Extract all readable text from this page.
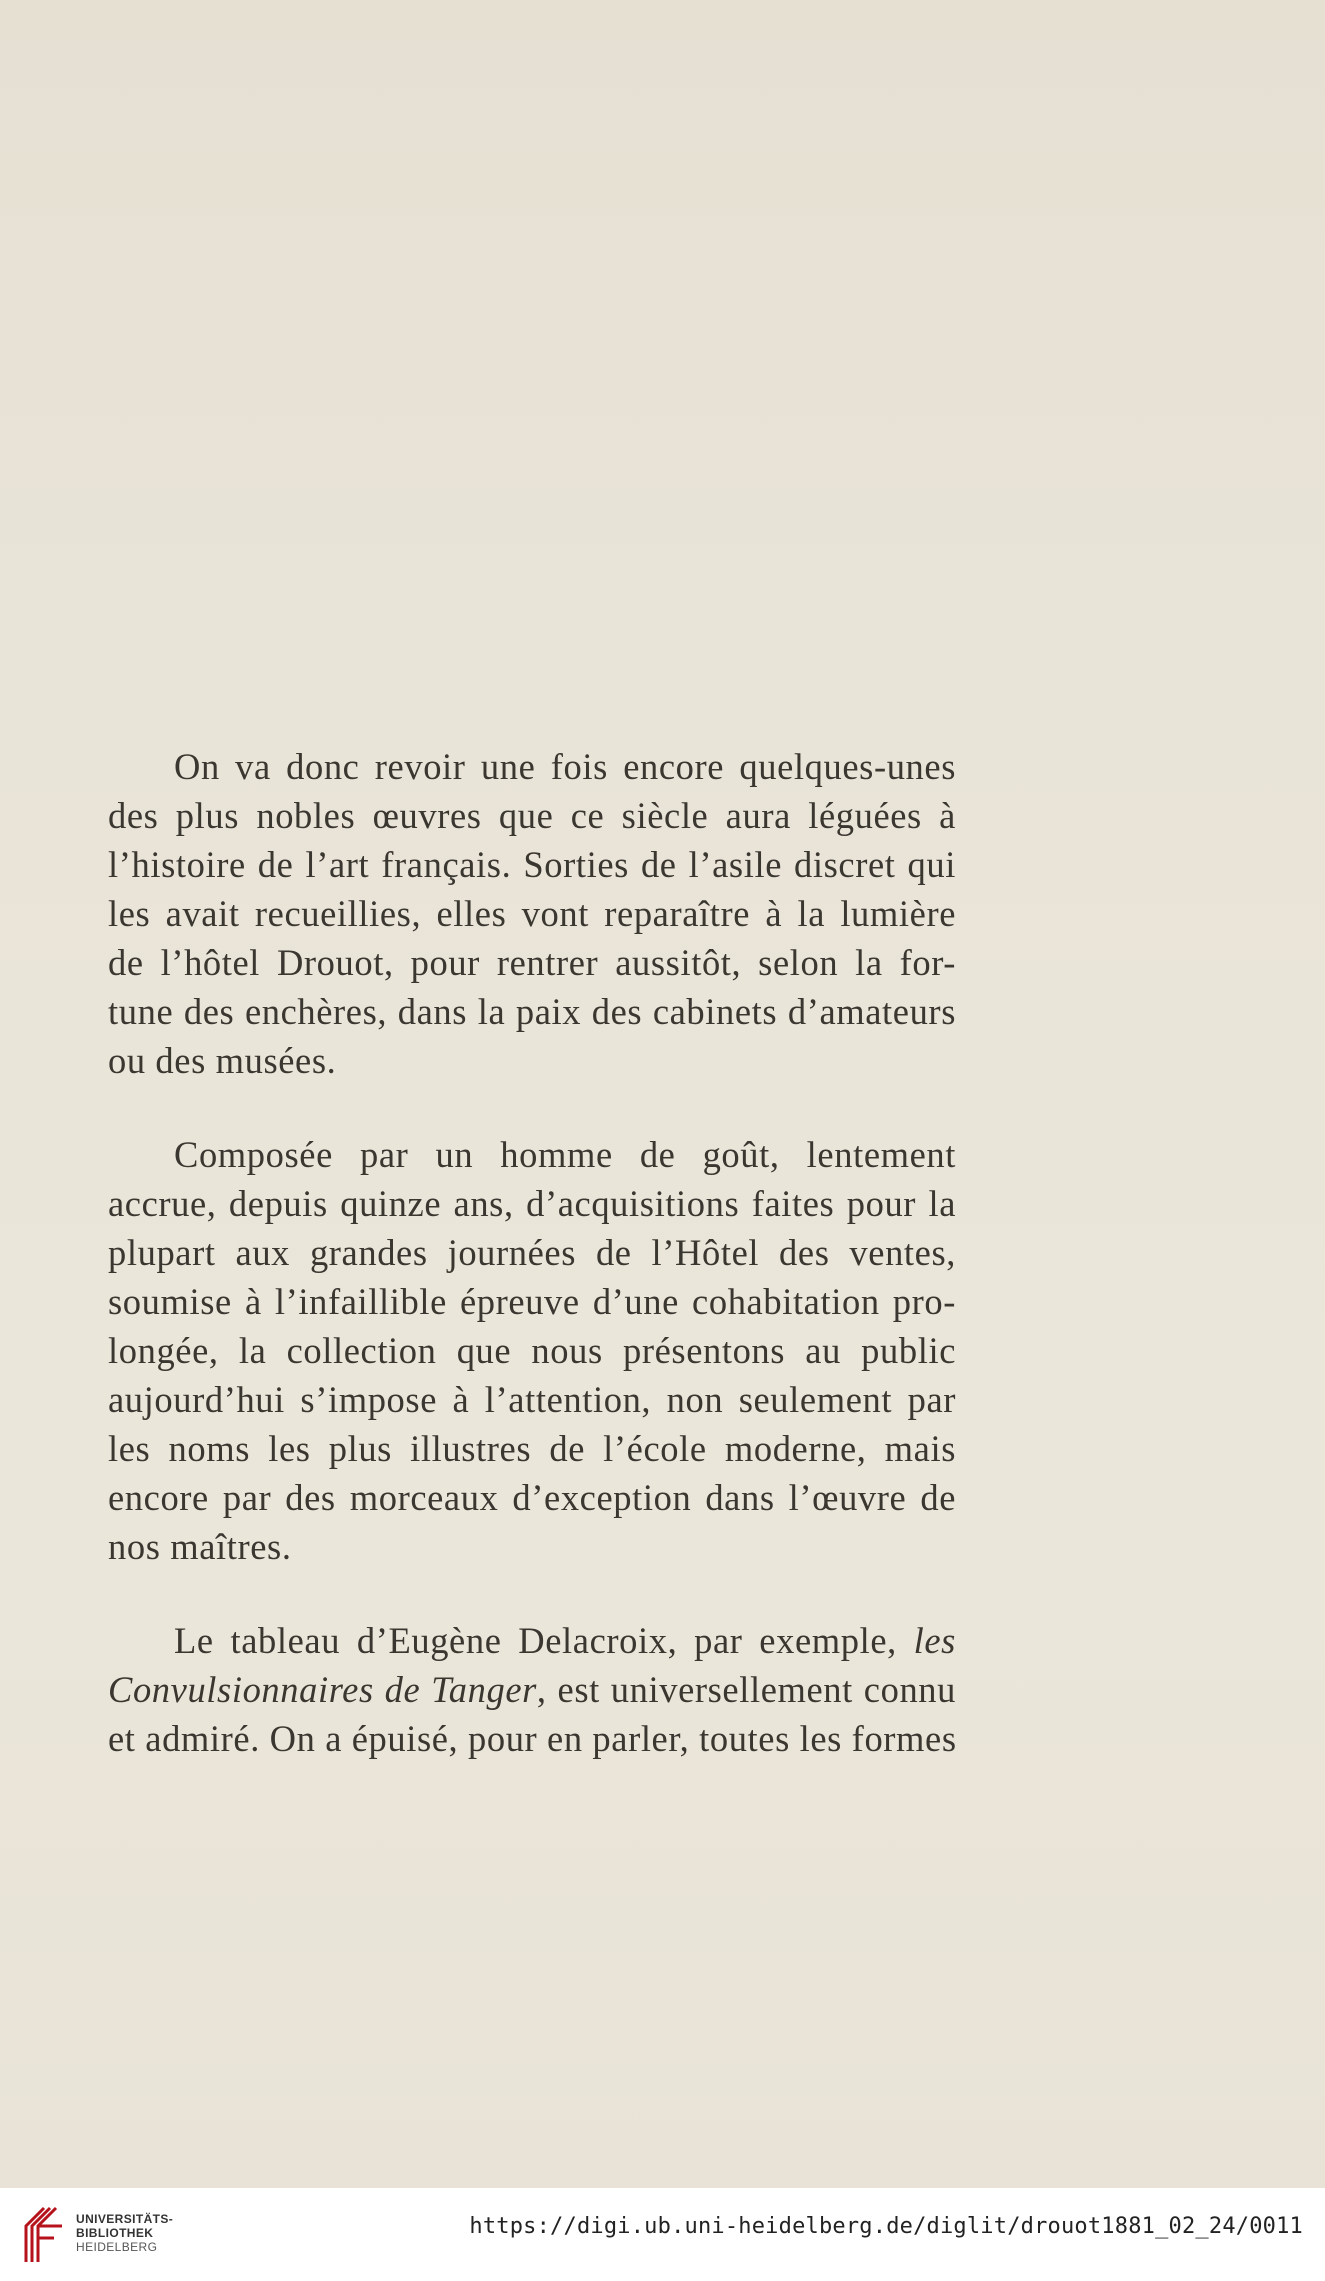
On va donc revoir une fois encore quelques-unes
des plus nobles œuvres que ce siècle aura léguées à
l’histoire de l’art français. Sorties de l’asile discret qui
les avait recueillies, elles vont reparaître à la lumière
de l’hôtel Drouot, pour rentrer aussitôt, selon la for-
tune des enchères, dans la paix des cabinets d’amateurs
ou des musées.
Composée par un homme de goût, lentement
accrue, depuis quinze ans, d’acquisitions faites pour la
plupart aux grandes journées de l’Hôtel des ventes,
soumise à l’infaillible épreuve d’une cohabitation pro-
longée, la collection que nous présentons au public
aujourd’hui s’impose à l’attention, non seulement par
les noms les plus illustres de l’école moderne, mais
encore par des morceaux d’exception dans l’œuvre de
nos maîtres.
Le tableau d’Eugène Delacroix, par exemple, les
Convulsionnaires de Tanger, est universellement connu
et admiré. On a épuisé, pour en parler, toutes les formes
UNIVERSITÄTS-
BIBLIOTHEK
HEIDELBERG
https://digi.ub.uni-heidelberg.de/diglit/drouot1881_02_24/0011
